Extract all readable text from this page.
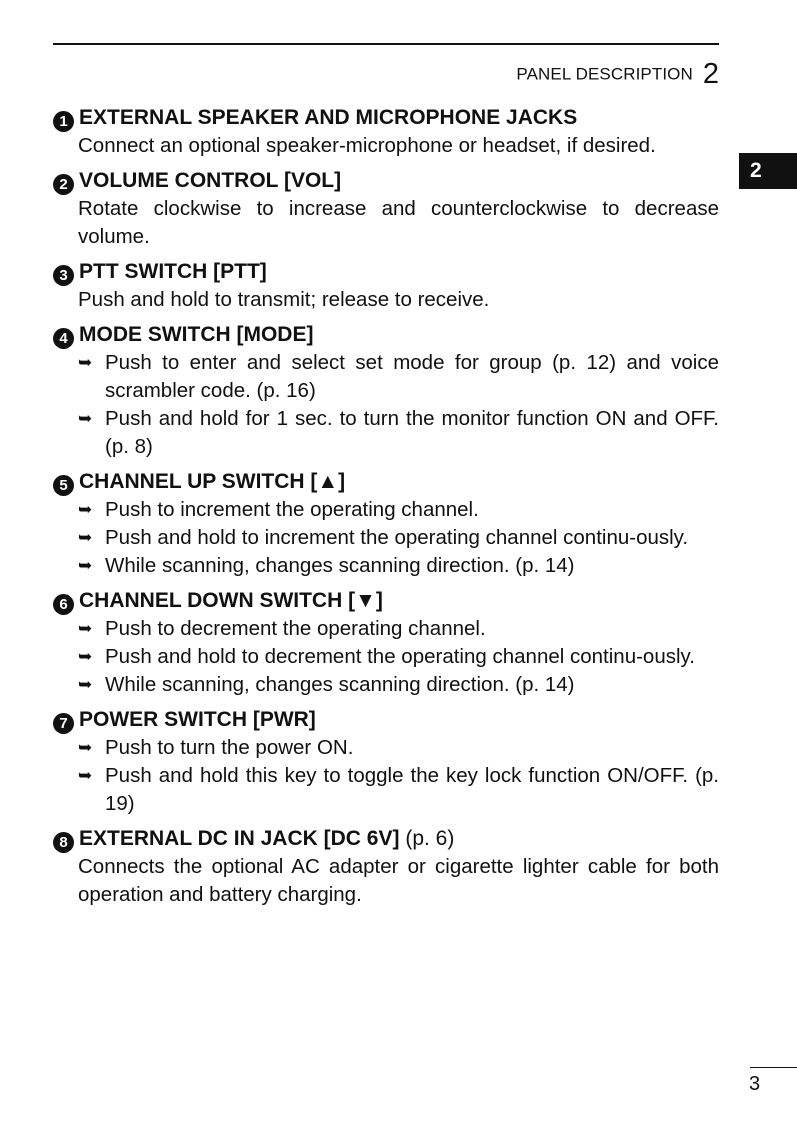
PANEL DESCRIPTION 2
2
1 EXTERNAL SPEAKER AND MICROPHONE JACKS
Connect an optional speaker-microphone or headset, if desired.
2 VOLUME CONTROL [VOL]
Rotate clockwise to increase and counterclockwise to decrease volume.
3 PTT SWITCH [PTT]
Push and hold to transmit; release to receive.
4 MODE SWITCH [MODE]
➥ Push to enter and select set mode for group (p. 12) and voice scrambler code. (p. 16)
➥ Push and hold for 1 sec. to turn the monitor function ON and OFF. (p. 8)
5 CHANNEL UP SWITCH [▲]
➥ Push to increment the operating channel.
➥ Push and hold to increment the operating channel continu-ously.
➥ While scanning, changes scanning direction. (p. 14)
6 CHANNEL DOWN SWITCH [▼]
➥ Push to decrement the operating channel.
➥ Push and hold to decrement the operating channel continu-ously.
➥ While scanning, changes scanning direction. (p. 14)
7 POWER SWITCH [PWR]
➥ Push to turn the power ON.
➥ Push and hold this key to toggle the key lock function ON/OFF. (p. 19)
8 EXTERNAL DC IN JACK [DC 6V] (p. 6)
Connects the optional AC adapter or cigarette lighter cable for both operation and battery charging.
3
